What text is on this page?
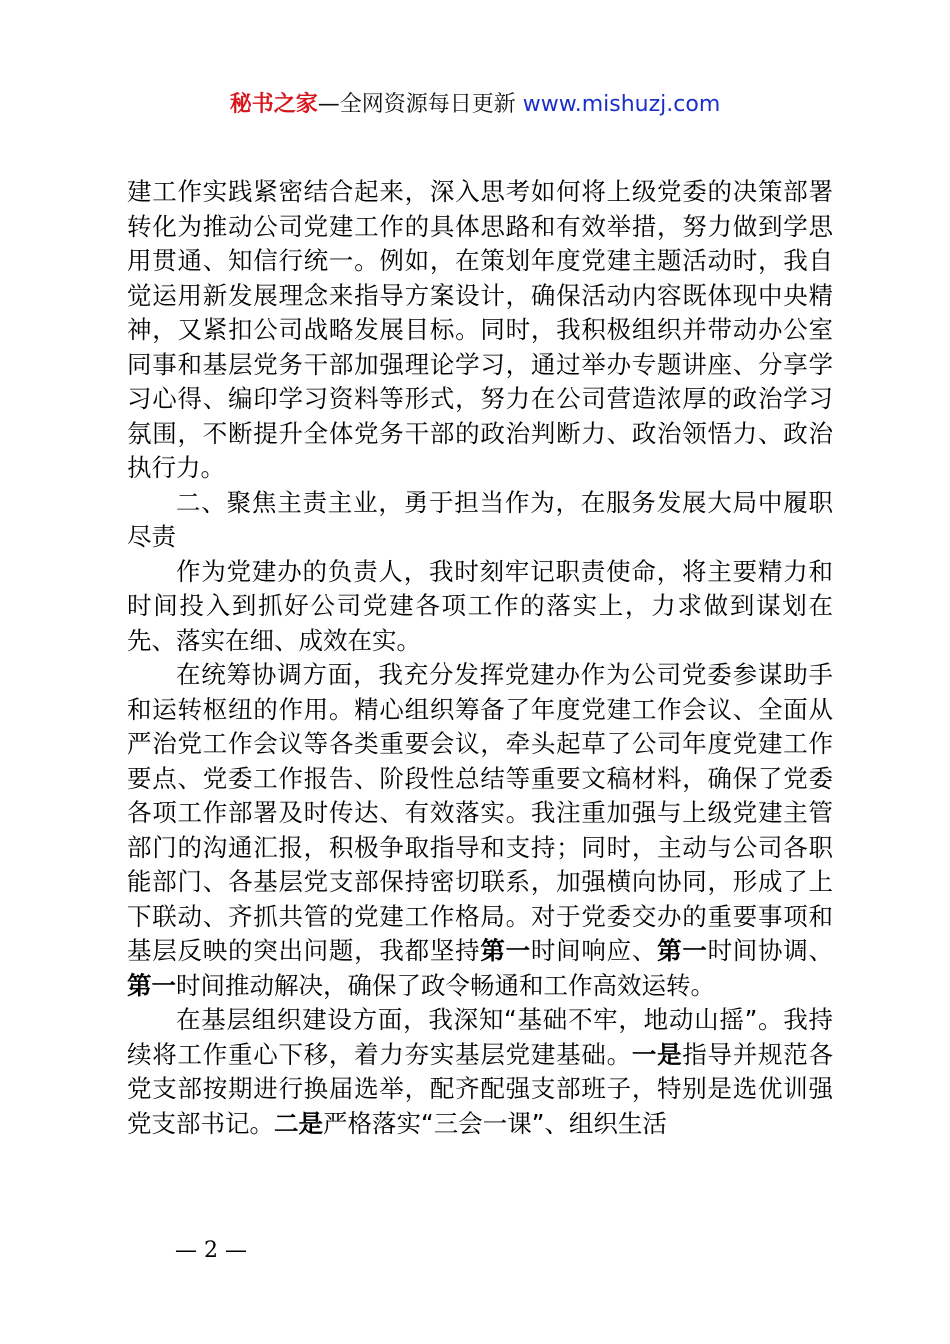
秘书之家—全网资源每日更新 www.mishuzj.com

建工作实践紧密结合起来，深入思考如何将上级党委的决策部署转化为推动公司党建工作的具体思路和有效举措，努力做到学思用贯通、知信行统一。例如，在策划年度党建主题活动时，我自觉运用新发展理念来指导方案设计，确保活动内容既体现中央精神，又紧扣公司战略发展目标。同时，我积极组织并带动办公室同事和基层党务干部加强理论学习，通过举办专题讲座、分享学习心得、编印学习资料等形式，努力在公司营造浓厚的政治学习氛围，不断提升全体党务干部的政治判断力、政治领悟力、政治执行力。

二、聚焦主责主业，勇于担当作为，在服务发展大局中履职尽责

作为党建办的负责人，我时刻牢记职责使命，将主要精力和时间投入到抓好公司党建各项工作的落实上，力求做到谋划在先、落实在细、成效在实。

在统筹协调方面，我充分发挥党建办作为公司党委参谋助手和运转枢纽的作用。精心组织筹备了年度党建工作会议、全面从严治党工作会议等各类重要会议，牵头起草了公司年度党建工作要点、党委工作报告、阶段性总结等重要文稿材料，确保了党委各项工作部署及时传达、有效落实。我注重加强与上级党建主管部门的沟通汇报，积极争取指导和支持；同时，主动与公司各职能部门、各基层党支部保持密切联系，加强横向协同，形成了上下联动、齐抓共管的党建工作格局。对于党委交办的重要事项和基层反映的突出问题，我都坚持第一时间响应、第一时间协调、第一时间推动解决，确保了政令畅通和工作高效运转。

在基层组织建设方面，我深知“基础不牢，地动山摇”。我持续将工作重心下移，着力夯实基层党建基础。一是指导并规范各党支部按期进行换届选举，配齐配强支部班子，特别是选优训强党支部书记。二是严格落实“三会一课”、组织生活

— 2 —
